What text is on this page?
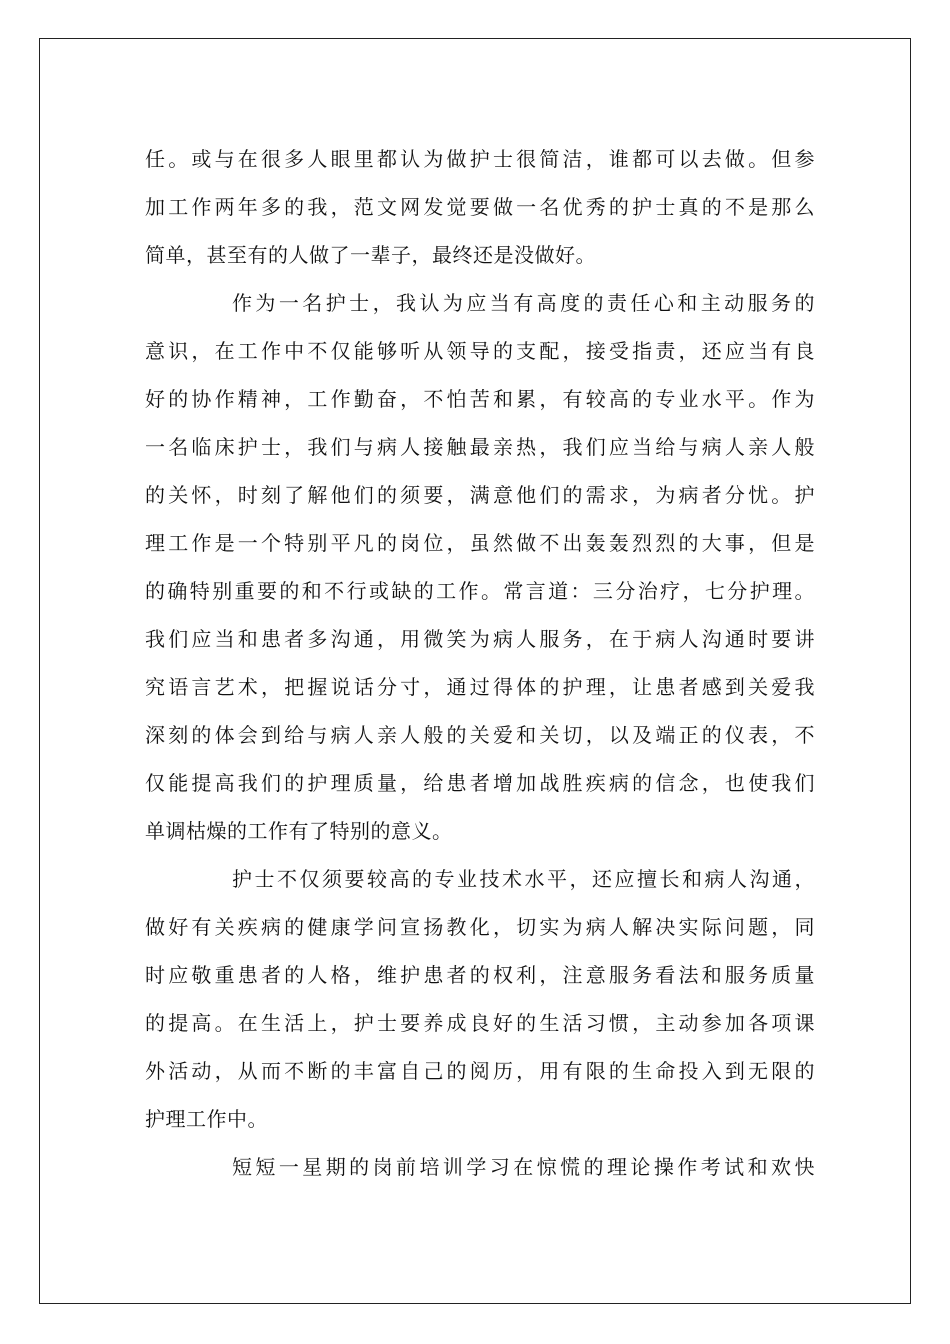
任。或与在很多人眼里都认为做护士很简洁，谁都可以去做。但参
加工作两年多的我，范文网发觉要做一名优秀的护士真的不是那么
简单，甚至有的人做了一辈子，最终还是没做好。
作为一名护士，我认为应当有高度的责任心和主动服务的
意识，在工作中不仅能够听从领导的支配，接受指责，还应当有良
好的协作精神，工作勤奋，不怕苦和累，有较高的专业水平。作为
一名临床护士，我们与病人接触最亲热，我们应当给与病人亲人般
的关怀，时刻了解他们的须要，满意他们的需求，为病者分忧。护
理工作是一个特别平凡的岗位，虽然做不出轰轰烈烈的大事，但是
的确特别重要的和不行或缺的工作。常言道：三分治疗，七分护理。
我们应当和患者多沟通，用微笑为病人服务，在于病人沟通时要讲
究语言艺术，把握说话分寸，通过得体的护理，让患者感到关爱我
深刻的体会到给与病人亲人般的关爱和关切，以及端正的仪表，不
仅能提高我们的护理质量，给患者增加战胜疾病的信念，也使我们
单调枯燥的工作有了特别的意义。
护士不仅须要较高的专业技术水平，还应擅长和病人沟通，
做好有关疾病的健康学问宣扬教化，切实为病人解决实际问题，同
时应敬重患者的人格，维护患者的权利，注意服务看法和服务质量
的提高。在生活上，护士要养成良好的生活习惯，主动参加各项课
外活动，从而不断的丰富自己的阅历，用有限的生命投入到无限的
护理工作中。
短短一星期的岗前培训学习在惊慌的理论操作考试和欢快
